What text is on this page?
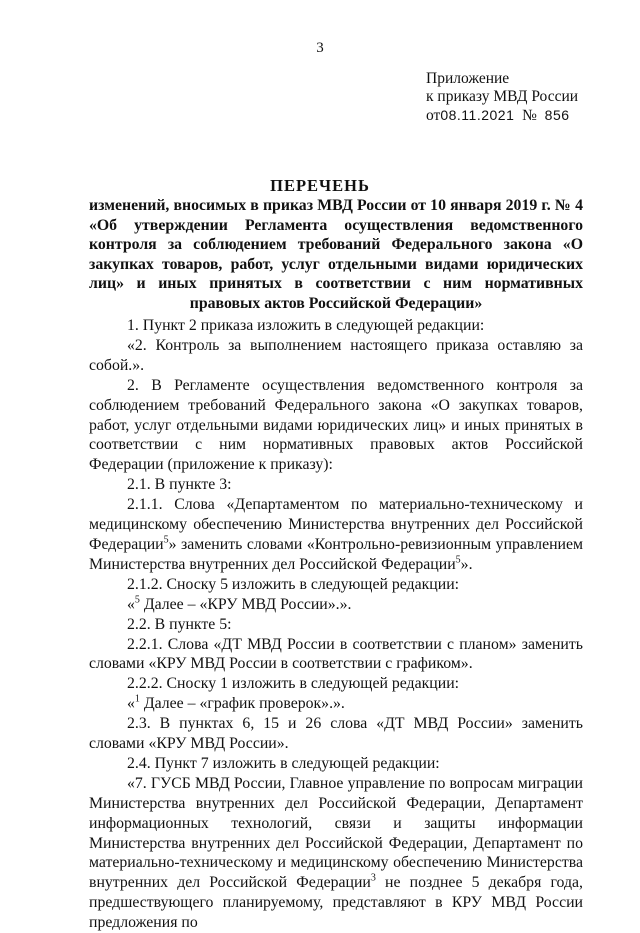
3
Приложение
к приказу МВД России
от08.11.2021 № 856
ПЕРЕЧЕНЬ
изменений, вносимых в приказ МВД России от 10 января 2019 г. № 4 «Об утверждении Регламента осуществления ведомственного контроля за соблюдением требований Федерального закона «О закупках товаров, работ, услуг отдельными видами юридических лиц» и иных принятых в соответствии с ним нормативных правовых актов Российской Федерации»

1. Пункт 2 приказа изложить в следующей редакции:

«2. Контроль за выполнением настоящего приказа оставляю за собой.».

2. В Регламенте осуществления ведомственного контроля за соблюдением требований Федерального закона «О закупках товаров, работ, услуг отдельными видами юридических лиц» и иных принятых в соответствии с ним нормативных правовых актов Российской Федерации (приложение к приказу):

2.1. В пункте 3:

2.1.1. Слова «Департаментом по материально-техническому и медицинскому обеспечению Министерства внутренних дел Российской Федерации$^5$» заменить словами «Контрольно-ревизионным управлением Министерства внутренних дел Российской Федерации$^5$».

2.1.2. Сноску 5 изложить в следующей редакции:

«$^5$ Далее – «КРУ МВД России».».

2.2. В пункте 5:

2.2.1. Слова «ДТ МВД России в соответствии с планом» заменить словами «КРУ МВД России в соответствии с графиком».

2.2.2. Сноску 1 изложить в следующей редакции:

«$^1$ Далее – «график проверок».».

2.3. В пунктах 6, 15 и 26 слова «ДТ МВД России» заменить словами «КРУ МВД России».

2.4. Пункт 7 изложить в следующей редакции:

«7. ГУСБ МВД России, Главное управление по вопросам миграции Министерства внутренних дел Российской Федерации, Департамент информационных технологий, связи и защиты информации Министерства внутренних дел Российской Федерации, Департамент по материально-техническому и медицинскому обеспечению Министерства внутренних дел Российской Федерации$^3$ не позднее 5 декабря года, предшествующего планируемому, представляют в КРУ МВД России предложения по
